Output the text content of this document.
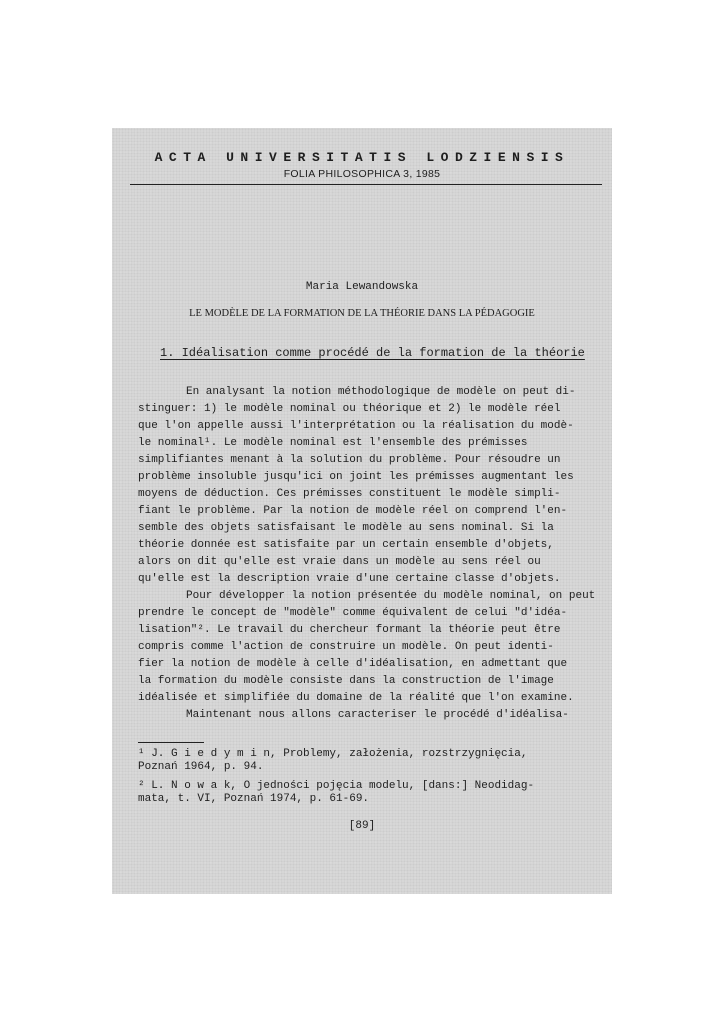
ACTA UNIVERSITATIS LODZIENSIS
FOLIA PHILOSOPHICA 3, 1985
Maria Lewandowska
LE MODÈLE DE LA FORMATION DE LA THÉORIE DANS LA PÉDAGOGIE
1. Idéalisation comme procédé de la formation de la théorie
En analysant la notion méthodologique de modèle on peut di-
stinguer: 1) le modèle nominal ou théorique et 2) le modèle réel
que l'on appelle aussi l'interprétation ou la réalisation du modè-
le nominal¹. Le modèle nominal est l'ensemble des prémisses
simplifiantes menant à la solution du problème. Pour résoudre un
problème insoluble jusqu'ici on joint les prémisses augmentant les
moyens de déduction. Ces prémisses constituent le modèle simpli-
fiant le problème. Par la notion de modèle réel on comprend l'en-
semble des objets satisfaisant le modèle au sens nominal. Si la
théorie donnée est satisfaite par un certain ensemble d'objets,
alors on dit qu'elle est vraie dans un modèle au sens réel ou
qu'elle est la description vraie d'une certaine classe d'objets.
Pour développer la notion présentée du modèle nominal, on peut
prendre le concept de "modèle" comme équivalent de celui "d'idéa-
lisation"². Le travail du chercheur formant la théorie peut être
compris comme l'action de construire un modèle. On peut identi-
fier la notion de modèle à celle d'idéalisation, en admettant que
la formation du modèle consiste dans la construction de l'image
idéalisée et simplifiée du domaine de la réalité que l'on examine.
Maintenant nous allons caracteriser le procédé d'idéalisa-
¹ J. G i e d y m i n, Problemy, założenia, rozstrzygnięcia,
Poznań 1964, p. 94.
² L. N o w a k, O jedności pojęcia modelu, [dans:] Neodidag-
mata, t. VI, Poznań 1974, p. 61-69.
[89]
